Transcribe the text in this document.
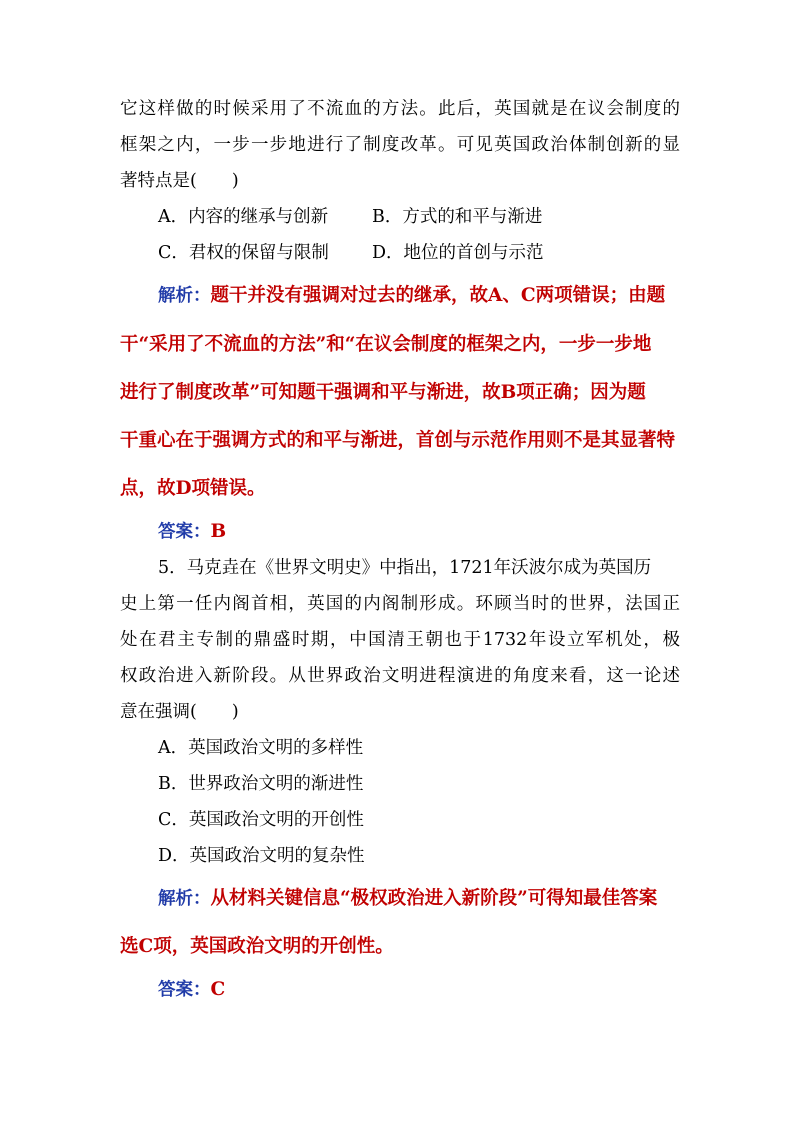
它这样做的时候采用了不流血的方法。此后，英国就是在议会制度的
框架之内，一步一步地进行了制度改革。可见英国政治体制创新的显
著特点是(　　)
A．内容的继承与创新	B．方式的和平与渐进
C．君权的保留与限制 D．地位的首创与示范
解析：题干并没有强调对过去的继承，故A、C两项错误；由题
干“采用了不流血的方法”和“在议会制度的框架之内，一步一步地
进行了制度改革”可知题干强调和平与渐进，故B项正确；因为题
干重心在于强调方式的和平与渐进，首创与示范作用则不是其显著特
点，故D项错误。
答案：B
5．马克垚在《世界文明史》中指出，1721年沃波尔成为英国历
史上第一任内阁首相，英国的内阁制形成。环顾当时的世界，法国正
处在君主专制的鼎盛时期，中国清王朝也于1732年设立军机处，极
权政治进入新阶段。从世界政治文明进程演进的角度来看，这一论述
意在强调(　　)
A．英国政治文明的多样性
B．世界政治文明的渐进性
C．英国政治文明的开创性
D．英国政治文明的复杂性
解析：从材料关键信息“极权政治进入新阶段”可得知最佳答案
选C项，英国政治文明的开创性。
答案：C
